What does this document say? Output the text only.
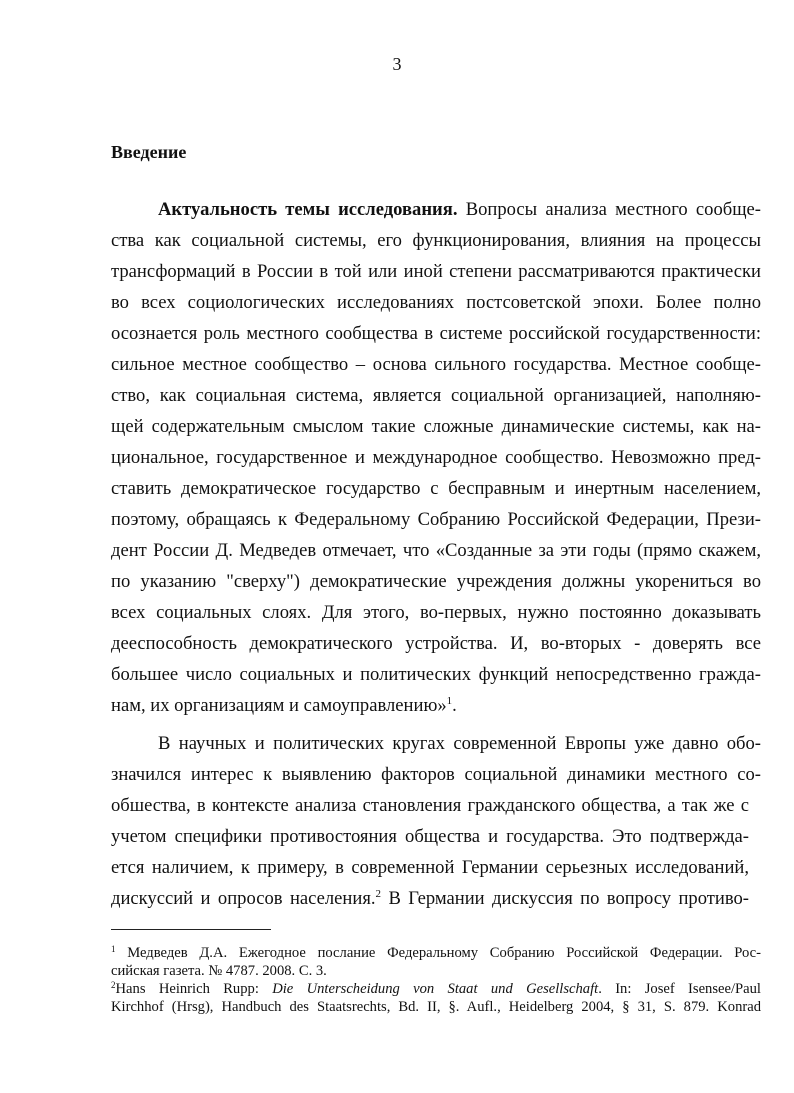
3
Введение
Актуальность темы исследования. Вопросы анализа местного сообще-
ства как социальной системы, его функционирования, влияния на процессы
трансформаций в России в той или иной степени рассматриваются практически
во всех социологических исследованиях постсоветской эпохи. Более полно
осознается роль местного сообщества в системе российской государственности:
сильное местное сообщество – основа сильного государства. Местное сообще-
ство, как социальная система, является социальной организацией, наполняю-
щей содержательным смыслом такие сложные динамические системы, как на-
циональное, государственное и международное сообщество. Невозможно пред-
ставить демократическое государство с бесправным и инертным населением,
поэтому, обращаясь к Федеральному Собранию Российской Федерации, Прези-
дент России Д. Медведев отмечает, что «Созданные за эти годы (прямо скажем,
по указанию "сверху") демократические учреждения должны укорениться во
всех социальных слоях. Для этого, во-первых, нужно постоянно доказывать
дееспособность демократического устройства. И, во-вторых - доверять все
большее число социальных и политических функций непосредственно гражда-
нам, их организациям и самоуправлению»$^1$.
В научных и политических кругах современной Европы уже давно обо-
значился интерес к выявлению факторов социальной динамики местного со-
обшества, в контексте анализа становления гражданского общества, а так же с
учетом специфики противостояния общества и государства. Это подтвержда-
ется наличием, к примеру, в современной Германии серьезных исследований,
дискуссий и опросов населения.$^2$ В Германии дискуссия по вопросу противо-
$^1$ Медведев Д.А. Ежегодное послание Федеральному Собранию Российской Федерации. Рос-
сийская газета. № 4787. 2008. С. 3.
$^2$Hans Heinrich Rupp: Die Unterscheidung von Staat und Gesellschaft. In: Josef Isensee/Paul
Kirchhof (Hrsg), Handbuch des Staatsrechts, Bd. II, §. Aufl., Heidelberg 2004, § 31, S. 879. Konrad
